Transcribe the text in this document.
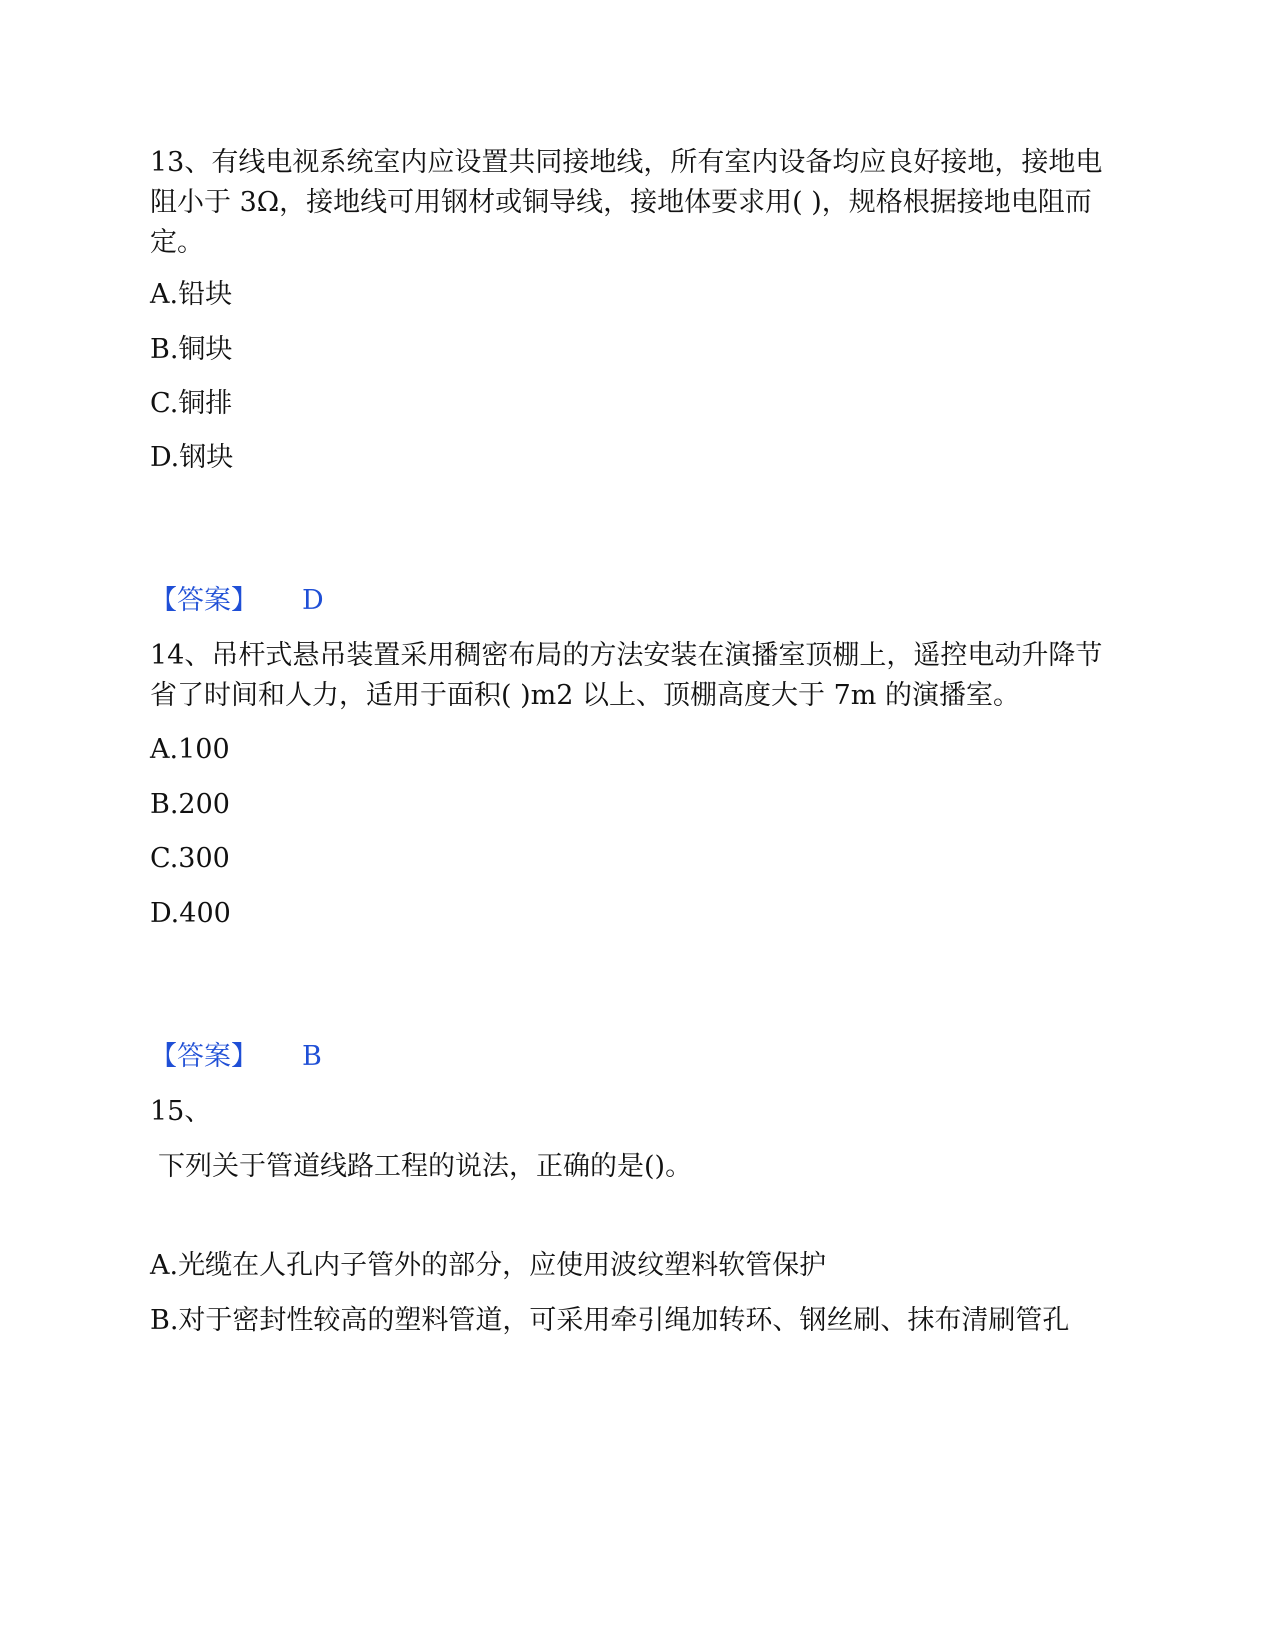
13、有线电视系统室内应设置共同接地线，所有室内设备均应良好接地，接地电阻小于 3Ω，接地线可用钢材或铜导线，接地体要求用( )，规格根据接地电阻而定。
A.铅块
B.铜块
C.铜排
D.钢块
【答案】 D
14、吊杆式悬吊装置采用稠密布局的方法安装在演播室顶棚上，遥控电动升降节省了时间和人力，适用于面积( )m2 以上、顶棚高度大于 7m 的演播室。
A.100
B.200
C.300
D.400
【答案】 B
15、
下列关于管道线路工程的说法，正确的是()。
A.光缆在人孔内子管外的部分，应使用波纹塑料软管保护
B.对于密封性较高的塑料管道，可采用牵引绳加转环、钢丝刷、抹布清刷管孔
